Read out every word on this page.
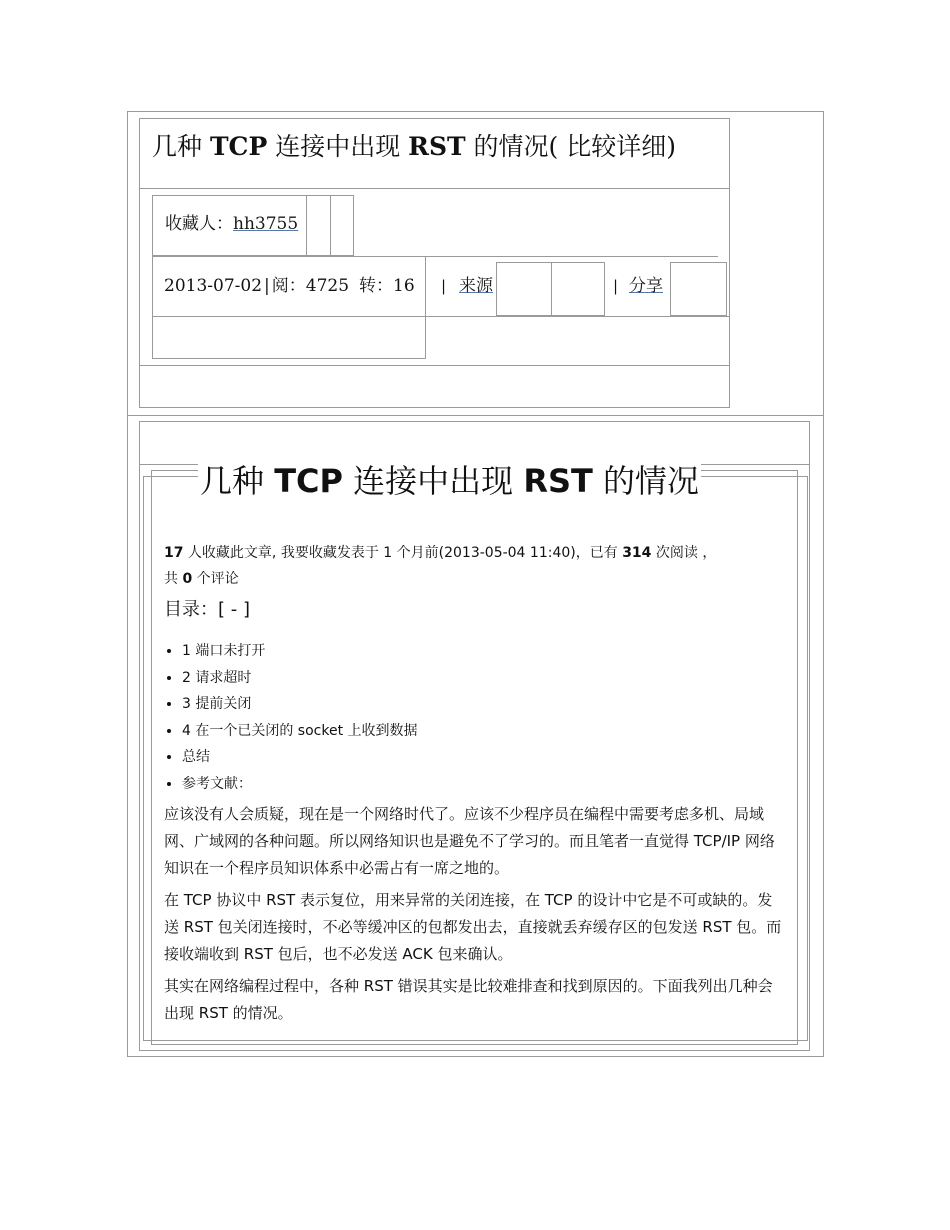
几种 TCP 连接中出现 RST 的情况( 比较详细)
收藏人：hh3755
2013-07-02 | 阅：4725 转：16 | 来源	| 分享
几种 TCP 连接中出现 RST 的情况
17 人收藏此文章, 我要收藏发表于 1 个月前(2013-05-04 11:40)，已有 314 次阅读 ，
共 0 个评论
目录：[ - ]
• 1 端口未打开
• 2 请求超时
• 3 提前关闭
• 4 在一个已关闭的 socket 上收到数据
• 总结
• 参考文献：

应该没有人会质疑，现在是一个网络时代了。应该不少程序员在编程中需要考虑多机、局域网、广域网的各种问题。所以网络知识也是避免不了学习的。而且笔者一直觉得 TCP/IP 网络知识在一个程序员知识体系中必需占有一席之地的。

在 TCP 协议中 RST 表示复位，用来异常的关闭连接，在 TCP 的设计中它是不可或缺的。发送 RST 包关闭连接时，不必等缓冲区的包都发出去，直接就丢弃缓存区的包发送 RST 包。而接收端收到 RST 包后，也不必发送 ACK 包来确认。

其实在网络编程过程中，各种 RST 错误其实是比较难排查和找到原因的。下面我列出几种会出现 RST 的情况。
